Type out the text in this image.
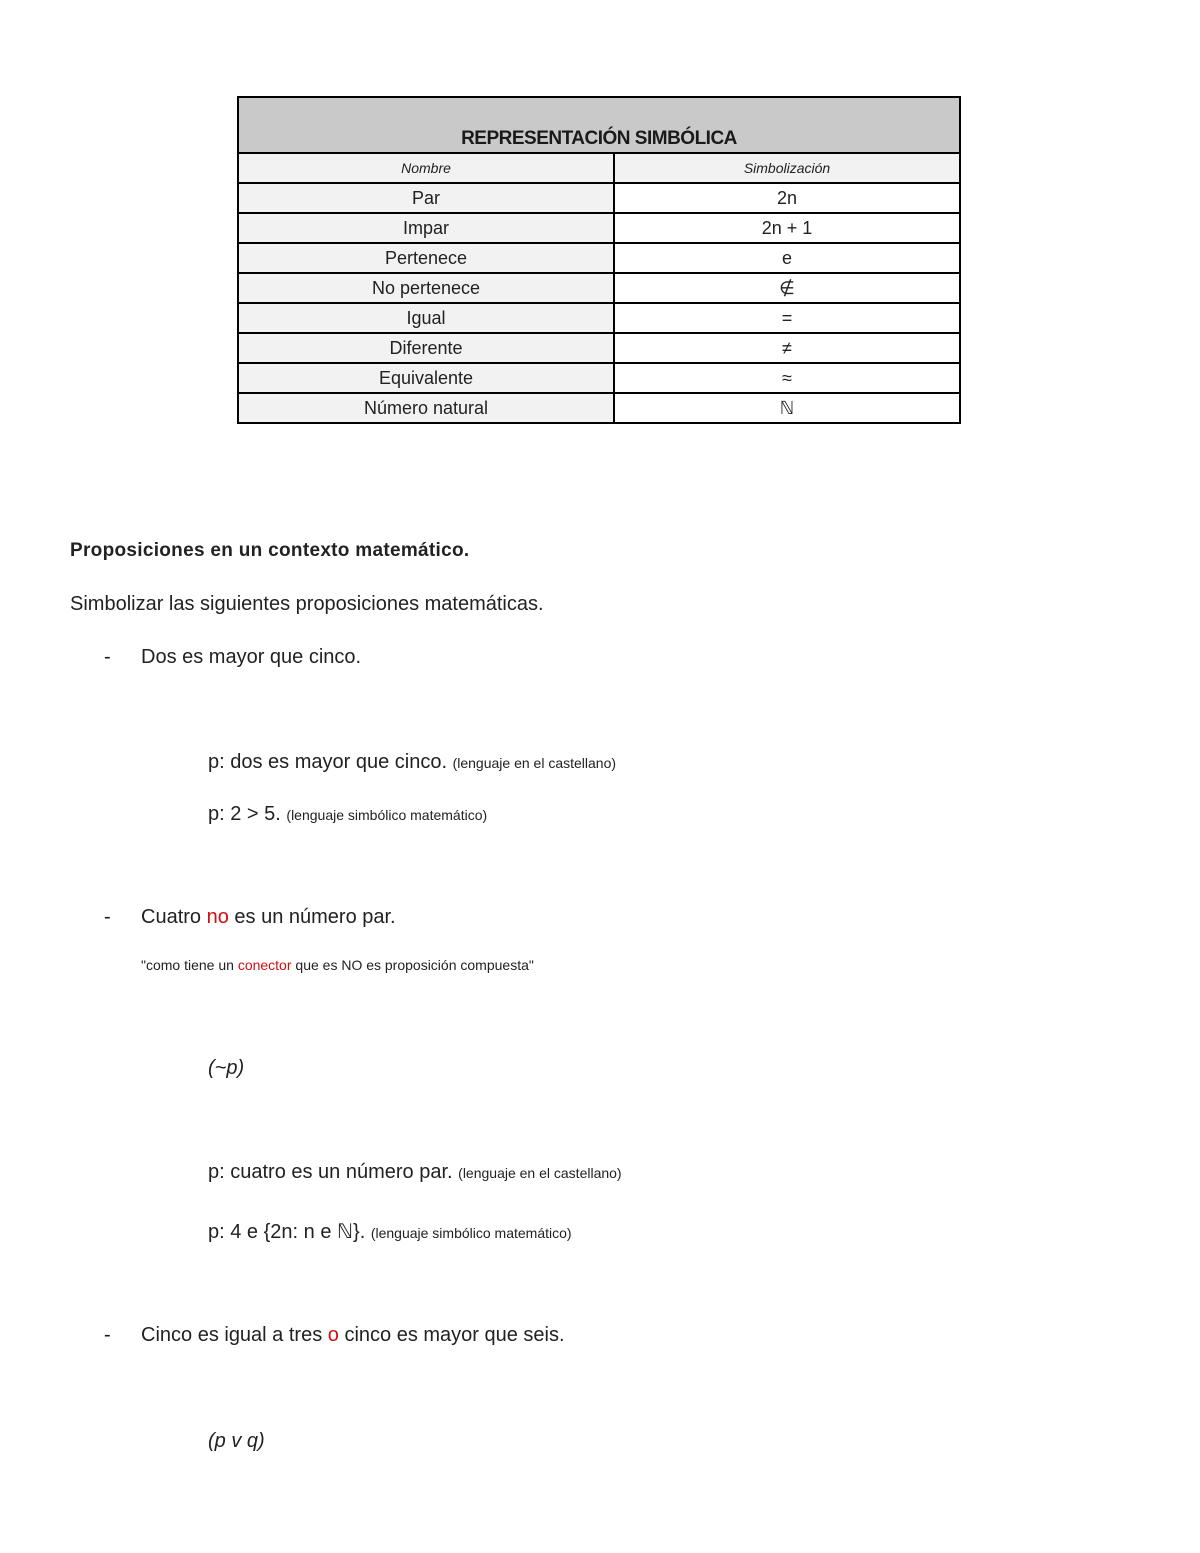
REPRESENTACIÓN SIMBÓLICA
Nombre	Simbolización
Par	2n
Impar	2n + 1
Pertenece	e
No pertenece	∉
Igual	=
Diferente	≠
Equivalente	≈
Número natural	ℕ
Proposiciones en un contexto matemático.
Simbolizar las siguientes proposiciones matemáticas.
- Dos es mayor que cinco.
p: dos es mayor que cinco. (lenguaje en el castellano)
p: 2 > 5. (lenguaje simbólico matemático)
- Cuatro no es un número par.
"como tiene un conector que es NO es proposición compuesta"
(~p)
p: cuatro es un número par. (lenguaje en el castellano)
p: 4 e {2n: n e ℕ}. (lenguaje simbólico matemático)
- Cinco es igual a tres o cinco es mayor que seis.
(p v q)
